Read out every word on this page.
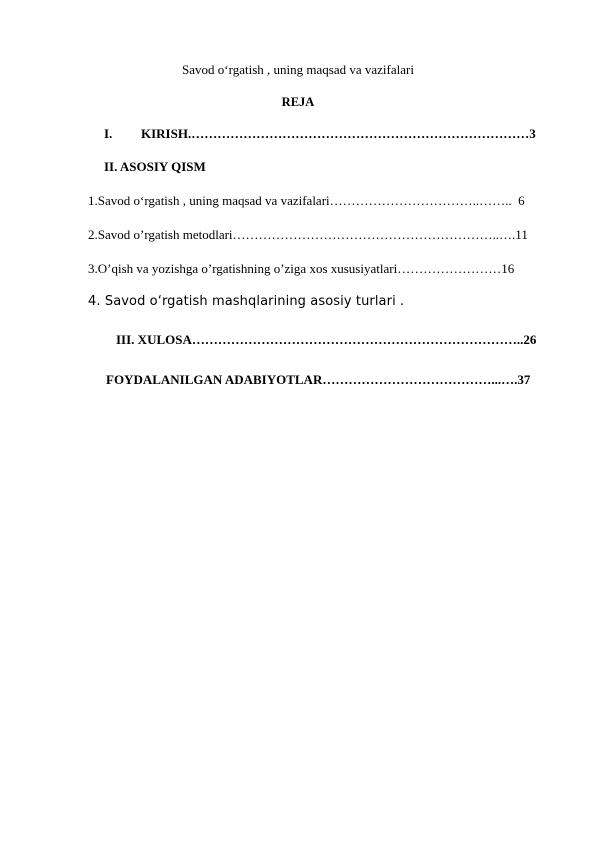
Savod o‘rgatish , uning maqsad va vazifalari
REJA
I. KIRISH.……………………………………………………………………3
II. ASOSIY QISM
1.Savod o‘rgatish , uning maqsad va vazifalari……………………………..……..  6
2.Savod o’rgatish metodlari……………………………………………………..….11
3.O’qish va yozishga o’rgatishning o’ziga xos xususiyatlari……………………16
4. Savod o‘rgatish mashqlarining asosiy turlari .
III. XULOSA…………………………………………………………………..26
FOYDALANILGAN ADABIYOTLAR…………………………………...….37
